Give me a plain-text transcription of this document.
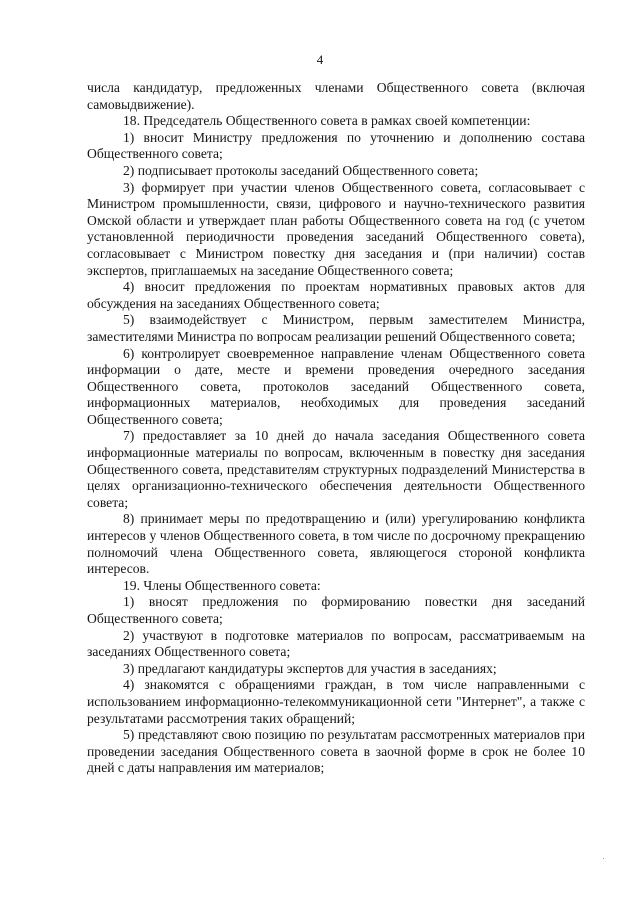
4

числа кандидатур, предложенных членами Общественного совета (включая самовыдвижение).

18. Председатель Общественного совета в рамках своей компетенции:

1) вносит Министру предложения по уточнению и дополнению состава Общественного совета;

2) подписывает протоколы заседаний Общественного совета;

3) формирует при участии членов Общественного совета, согласовывает с Министром промышленности, связи, цифрового и научно-технического развития Омской области и утверждает план работы Общественного совета на год (с учетом установленной периодичности проведения заседаний Общественного совета), согласовывает с Министром повестку дня заседания и (при наличии) состав экспертов, приглашаемых на заседание Общественного совета;

4) вносит предложения по проектам нормативных правовых актов для обсуждения на заседаниях Общественного совета;

5) взаимодействует с Министром, первым заместителем Министра, заместителями Министра по вопросам реализации решений Общественного совета;

6) контролирует своевременное направление членам Общественного совета информации о дате, месте и времени проведения очередного заседания Общественного совета, протоколов заседаний Общественного совета, информационных материалов, необходимых для проведения заседаний Общественного совета;

7) предоставляет за 10 дней до начала заседания Общественного совета информационные материалы по вопросам, включенным в повестку дня заседания Общественного совета, представителям структурных подразделений Министерства в целях организационно-технического обеспечения деятельности Общественного совета;

8) принимает меры по предотвращению и (или) урегулированию конфликта интересов у членов Общественного совета, в том числе по досрочному прекращению полномочий члена Общественного совета, являющегося стороной конфликта интересов.

19. Члены Общественного совета:

1) вносят предложения по формированию повестки дня заседаний Общественного совета;

2) участвуют в подготовке материалов по вопросам, рассматриваемым на заседаниях Общественного совета;

3) предлагают кандидатуры экспертов для участия в заседаниях;

4) знакомятся с обращениями граждан, в том числе направленными с использованием информационно-телекоммуникационной сети "Интернет", а также с результатами рассмотрения таких обращений;

5) представляют свою позицию по результатам рассмотренных материалов при проведении заседания Общественного совета в заочной форме в срок не более 10 дней с даты направления им материалов;
